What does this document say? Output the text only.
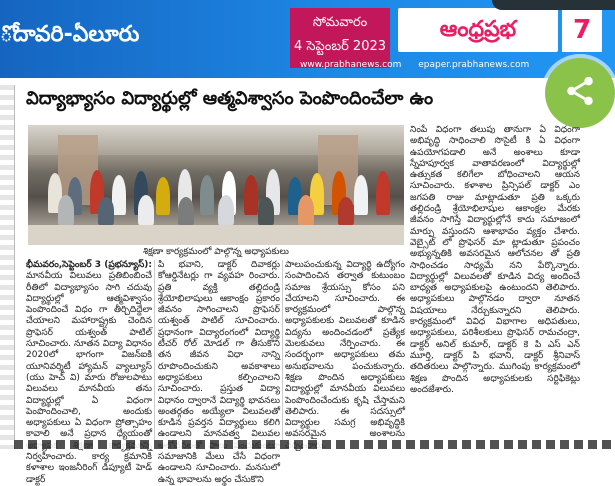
ోదావరి-ఏలూరు	సోమవారం
4 సెప్టెంబర్ 2023
ఆంధ్రప్రభ	7
www.prabhanews.com epaper.prabhanews.com
విద్యాభ్యాసం విద్యార్థుల్లో ఆత్మవిశ్వాసం పెంపొందించేలా ఉం
శిక్షణా కార్యక్రమంలో పాల్గొన్న అధ్యాపకులు
భీమవరం,సెప్టెంబర్ 3 (ప్రభన్యూస్): మానవీయ విలువలు ప్రతిబింబించే రీతిలో విద్యాభ్యాసం సాగి చదువు విద్యార్థుల్లో ఆత్మవిశ్వాసం పెంపొందించే విధం గా తీర్చిదిద్దేలా చేయాలని మహారాష్ట్రకు చెందిన ప్రొఫెసర్ యశ్వంత్ పాటిల్ సూచించారు. నూతన విద్యా విధానం 2020లో భాగంగా విజన్ఐకి యూనివర్శిటీ హ్యామన్ వ్యాల్యూస్ (యు హెచ్ వి) మారు రోజులపాటు విలువలు మానవీయ తను విద్యార్థుల్లో ఏ విధంగా పెంపొందించాలి, అందుకు అధ్యాపకులు ఏ విధంగా ప్రోత్సాహం కావాలి అనే ప్రధాన ధ్యేయంతో నిర్వహించారు. కార్య క్రమానికి కళాశాల ఇంజనీరింగ్ డిప్యూటీ హెడ్ డాక్టర్
పి భవాని, డాక్టర్ దివాకర్లు కోఆర్డినేటర్లు గా వ్యవహ రించారు. ప్రతి వ్యక్తి తల్లిదండ్రి శ్రేయోభిలాషులు ఆకాంక్షం ప్రకారం జీవనం సాగించాలని ప్రొఫెసర్ యశ్వంత్ పాటిల్ సూచించారు. ప్రధానంగా విద్యారంగంలో విద్యార్థి టీచర్ రోల్ మోడల్ గా తీసుకొని తన జీవన విధా నాన్ని రూపొందించుకుని అవకాశాలు అధ్యాపకులు కల్పించాలని సూచించారు. ప్రస్తుత విద్యా విధానం ద్వారానే విద్యార్థి భావనలు అంతర్గతం అయ్యేలా విలువలతో కూడిన ప్రవర్తన విద్యార్థులు కలిగి ఉండాలని మానవత్వ విలువల సమాజానికి మేలు చేసే విధంగా ఉండాలని సూచించారు. మనసులో ఉన్న భావాలను అర్థం చేసుకొని
పాలుపంచుకున్న విద్యార్థి ఉద్యోగం సంపాదించిన తర్వాత కుటుంబం సమాజ శ్రేయస్సు కోసం పని చేయాలని సూచించారు. ఈ కార్యక్రమంలో పాల్గొన్న అధ్యాపకులకు విలువలతో కూడిన విద్యను అందించడంలో ప్రత్యేక మెలకువలు నేర్పించారు. ఈ సందర్భంగా అధ్యాపకులు తమ అనుభవాలను పంచుకున్నారు. శిక్షణ పొందిన అధ్యాపకులు విద్యార్థుల్లో మానవీయ విలువలు పెంపొందించేందుకు కృషి చేస్తామని తెలిపారు. ఈ సదస్సులో విద్యార్థుల సమగ్ర అభివృద్ధికి అవసరమైన అంశాలను
నింపే విధంగా తలుపు తానుగా ఏ విధంగా అభివృద్ధి సాధించాలి సొసైటీ కి ఏ విధంగా ఉపయోగపడాలి అనే అంశాలు కూడా స్నేహపూర్వక వాతావరణంలో విద్యార్థుల్లో ఉత్సుకత కలిగేలా బోధించాలని ఆయన సూచించారు. కళాశాల ప్రిన్సిపల్ డాక్టర్ ఎం జగపతి రాజు మాట్లాడుతూ ప్రతి ఒక్కరు తల్లిదండ్రి శ్రేయోభిలాషుల ఆకాంక్షల మేరకు జీవనం సాగిస్తే విద్యార్థుల్లోనే కాదు సమాజంలో మార్పు వస్తుందని ఆశాభావం వ్యక్తం చేశారు. వెబ్సైట్ లో ప్రొఫెసర్ మా ట్లాడుతూ ప్రపంచం అభ్యున్నతికి అవసరమైన ఆలోచనల తో ప్రతి సాధించడం సాధ్యమే నని పేర్కొన్నారు. విద్యార్థుల్లో విలువలతో కూడిన విద్య అందించే బాధ్యత అధ్యాపకులపై ఉంటుందని తెలిపారు. అధ్యాపకులు పాల్గొనడం ద్వారా నూతన విషయాలు నేర్చుకున్నారని తెలిపారు. కార్యక్రమంలో వివిధ విభాగాల అధిపతులు, అధ్యాపకులు, పరిశీలకులు ప్రొఫెసర్ రామచంద్రా, డాక్టర్ అనిల్ కుమార్, డాక్టర్ కె పి ఎస్ ఎన్ మూర్తి, డాక్టర్ పి భవాని, డాక్టర్ శ్రీనివాస్ తదితరులు పాల్గొన్నారు. ముగింపు కార్యక్రమంలో శిక్షణ పొందిన అధ్యాపకులకు సర్టిఫికెట్లు అందజేశారు.
